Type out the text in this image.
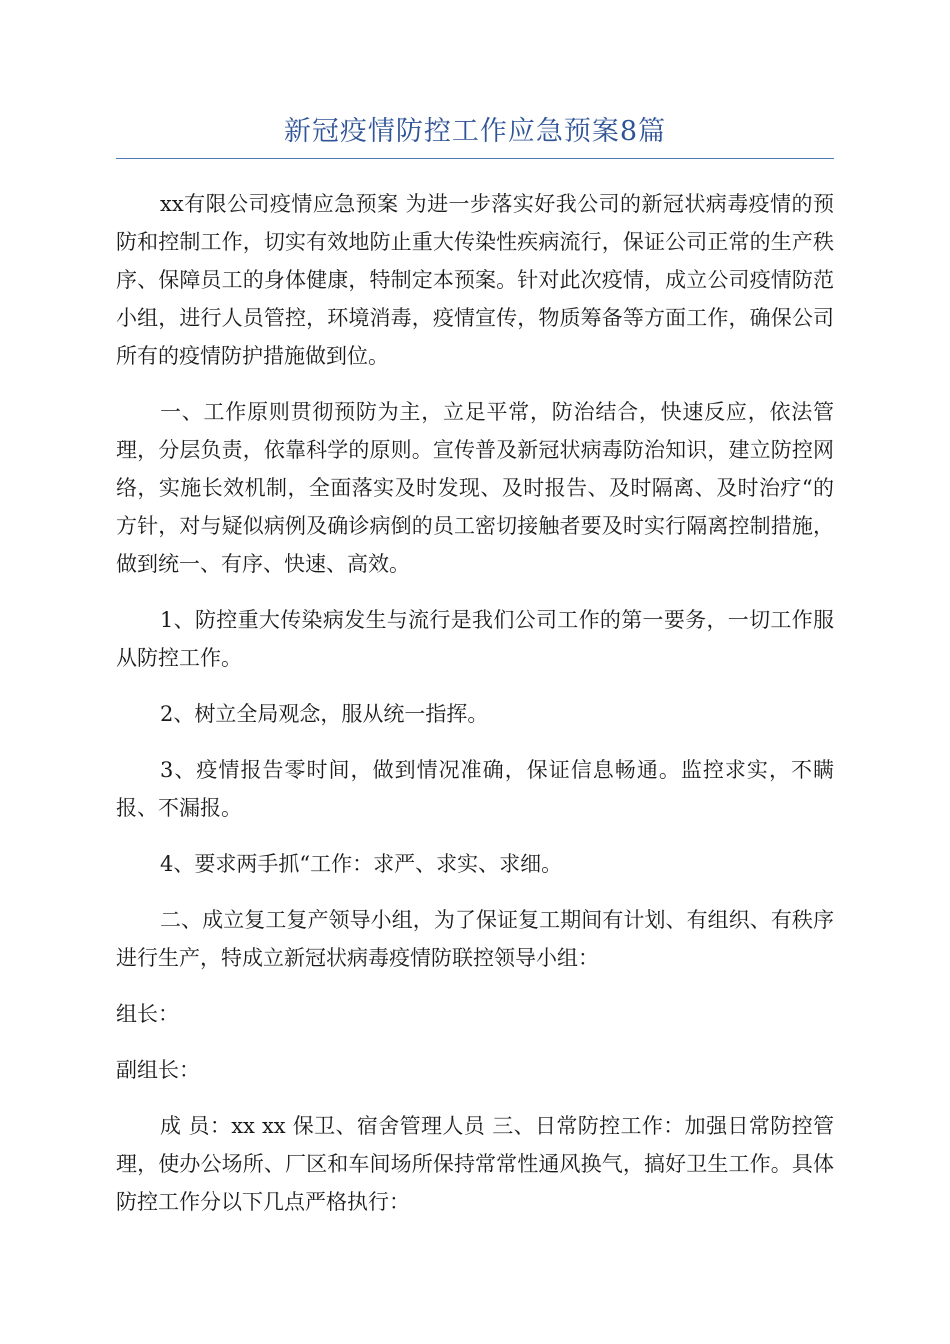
新冠疫情防控工作应急预案8篇

xx有限公司疫情应急预案 为进一步落实好我公司的新冠状病毒疫情的预防和控制工作，切实有效地防止重大传染性疾病流行，保证公司正常的生产秩序、保障员工的身体健康，特制定本预案。针对此次疫情，成立公司疫情防范小组，进行人员管控，环境消毒，疫情宣传，物质筹备等方面工作，确保公司所有的疫情防护措施做到位。

一、工作原则贯彻预防为主，立足平常，防治结合，快速反应，依法管理，分层负责，依靠科学的原则。宣传普及新冠状病毒防治知识，建立防控网络，实施长效机制，全面落实及时发现、及时报告、及时隔离、及时治疗“的方针，对与疑似病例及确诊病倒的员工密切接触者要及时实行隔离控制措施，做到统一、有序、快速、高效。

1、防控重大传染病发生与流行是我们公司工作的第一要务，一切工作服从防控工作。

2、树立全局观念，服从统一指挥。

3、疫情报告零时间，做到情况准确，保证信息畅通。监控求实，不瞒报、不漏报。

4、要求两手抓“工作：求严、求实、求细。

二、成立复工复产领导小组，为了保证复工期间有计划、有组织、有秩序进行生产，特成立新冠状病毒疫情防联控领导小组：

组长：

副组长：

成 员：xx xx 保卫、宿舍管理人员 三、日常防控工作：加强日常防控管理，使办公场所、厂区和车间场所保持常常性通风换气，搞好卫生工作。具体防控工作分以下几点严格执行：
